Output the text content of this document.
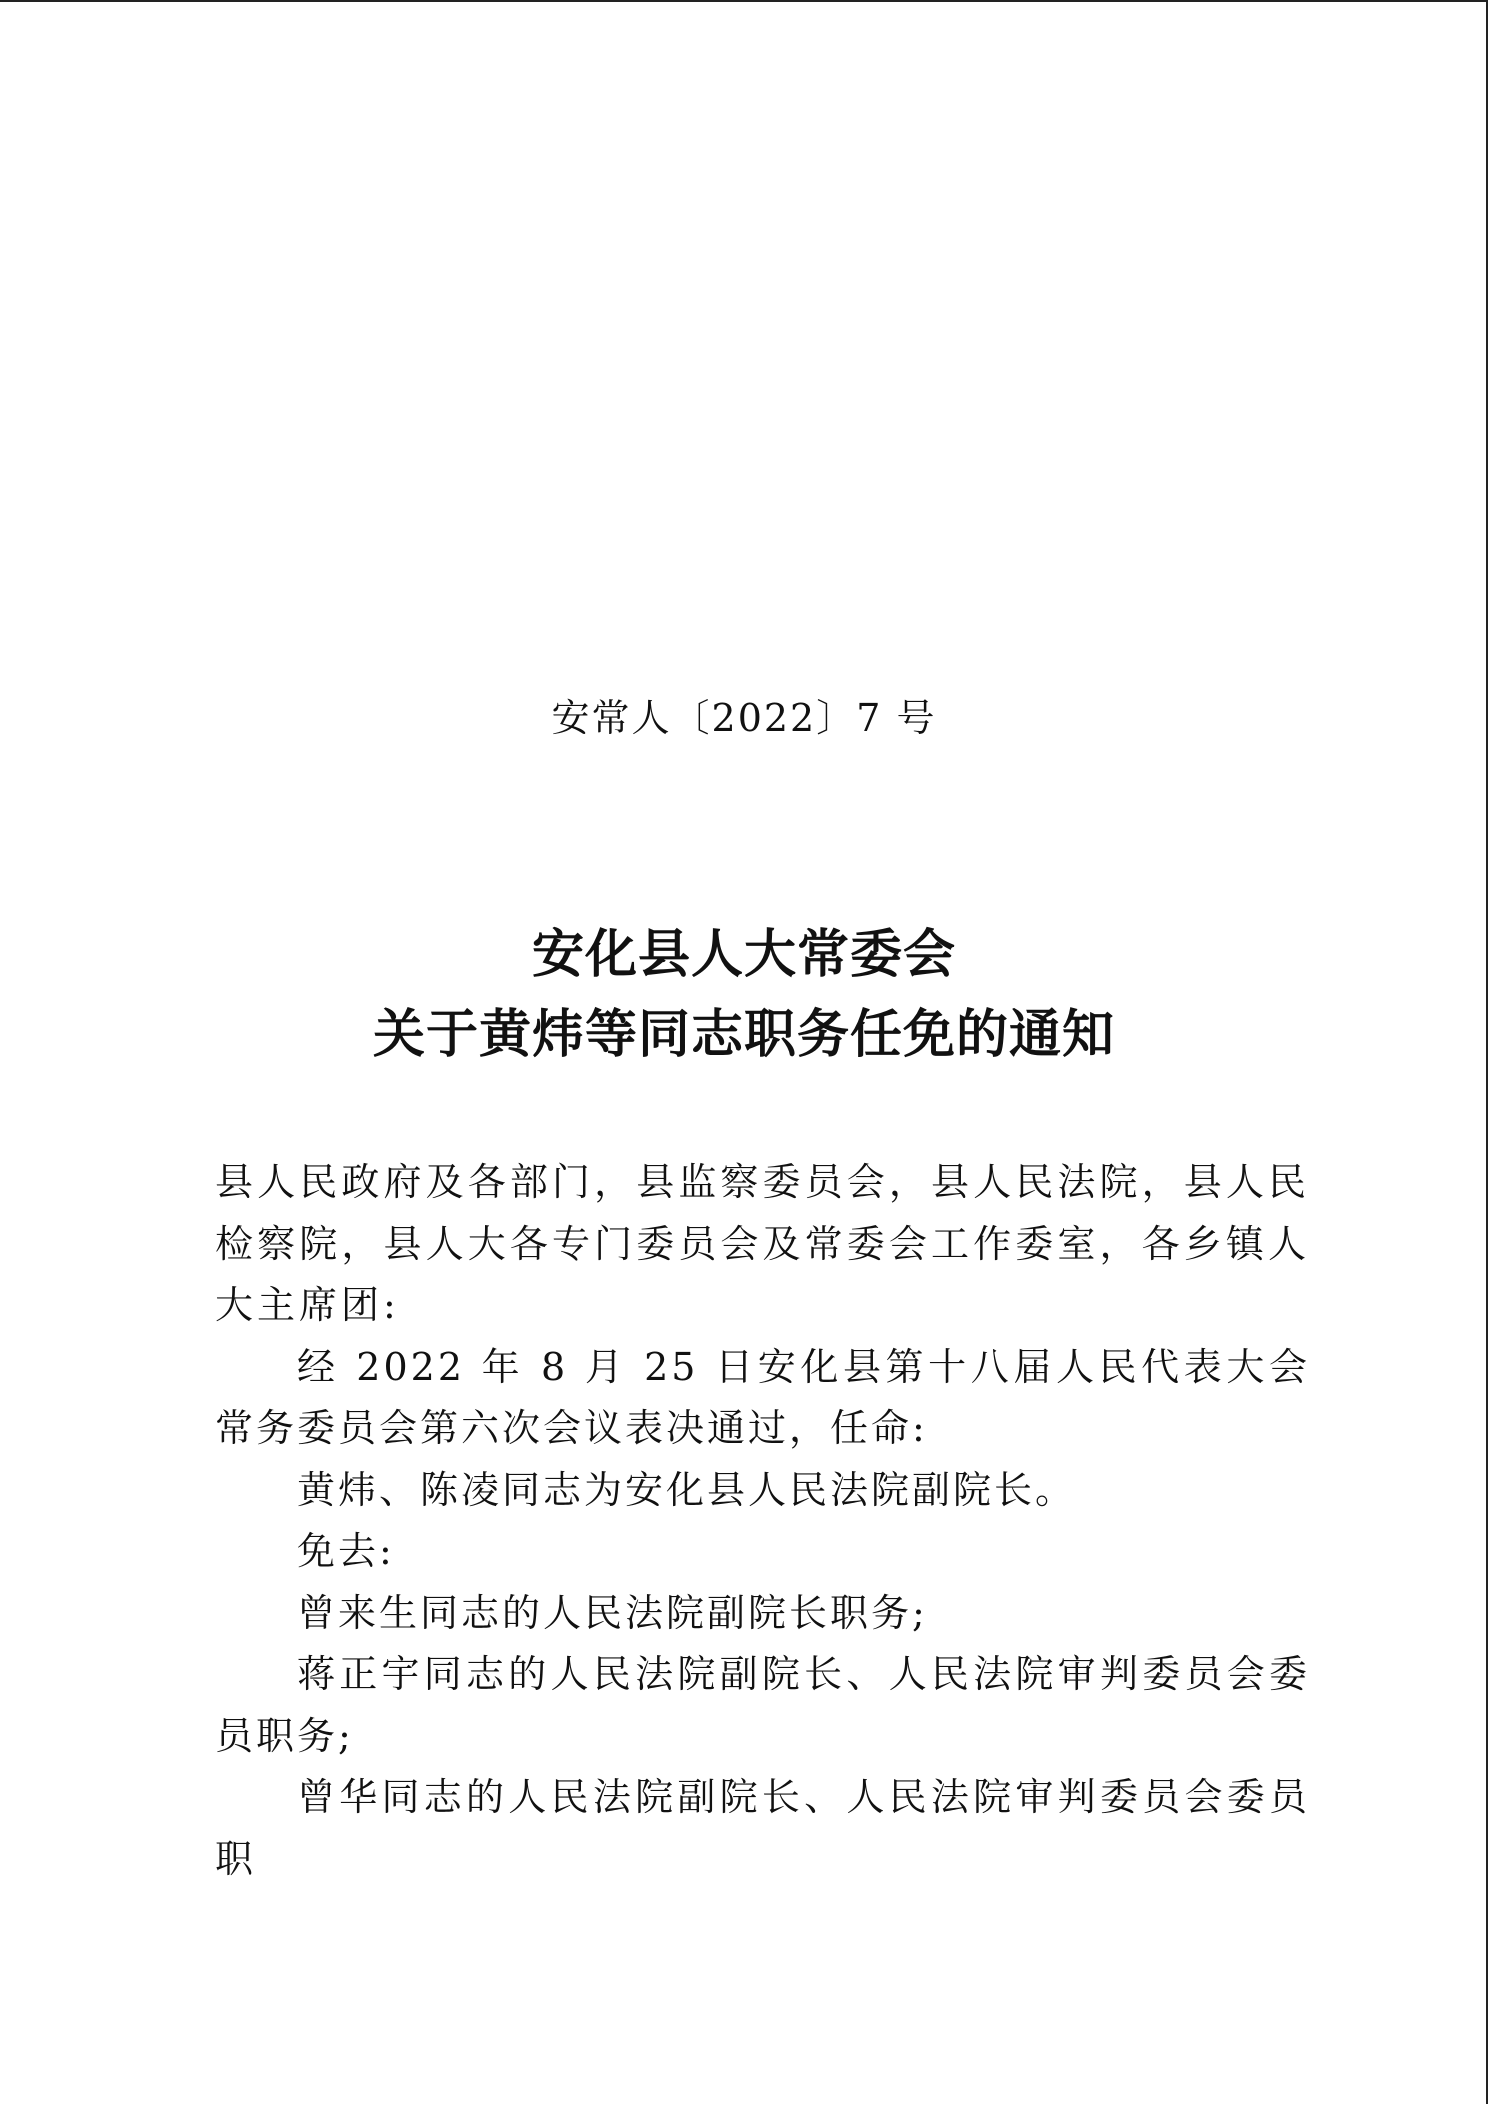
安常人〔2022〕7 号
安化县人大常委会
关于黄炜等同志职务任免的通知

县人民政府及各部门，县监察委员会，县人民法院，县人民检察院，县人大各专门委员会及常委会工作委室，各乡镇人大主席团:

经 2022 年 8 月 25 日安化县第十八届人民代表大会常务委员会第六次会议表决通过，任命:

黄炜、陈凌同志为安化县人民法院副院长。

免去:

曾来生同志的人民法院副院长职务;

蒋正宇同志的人民法院副院长、人民法院审判委员会委员职务;

曾华同志的人民法院副院长、人民法院审判委员会委员职
